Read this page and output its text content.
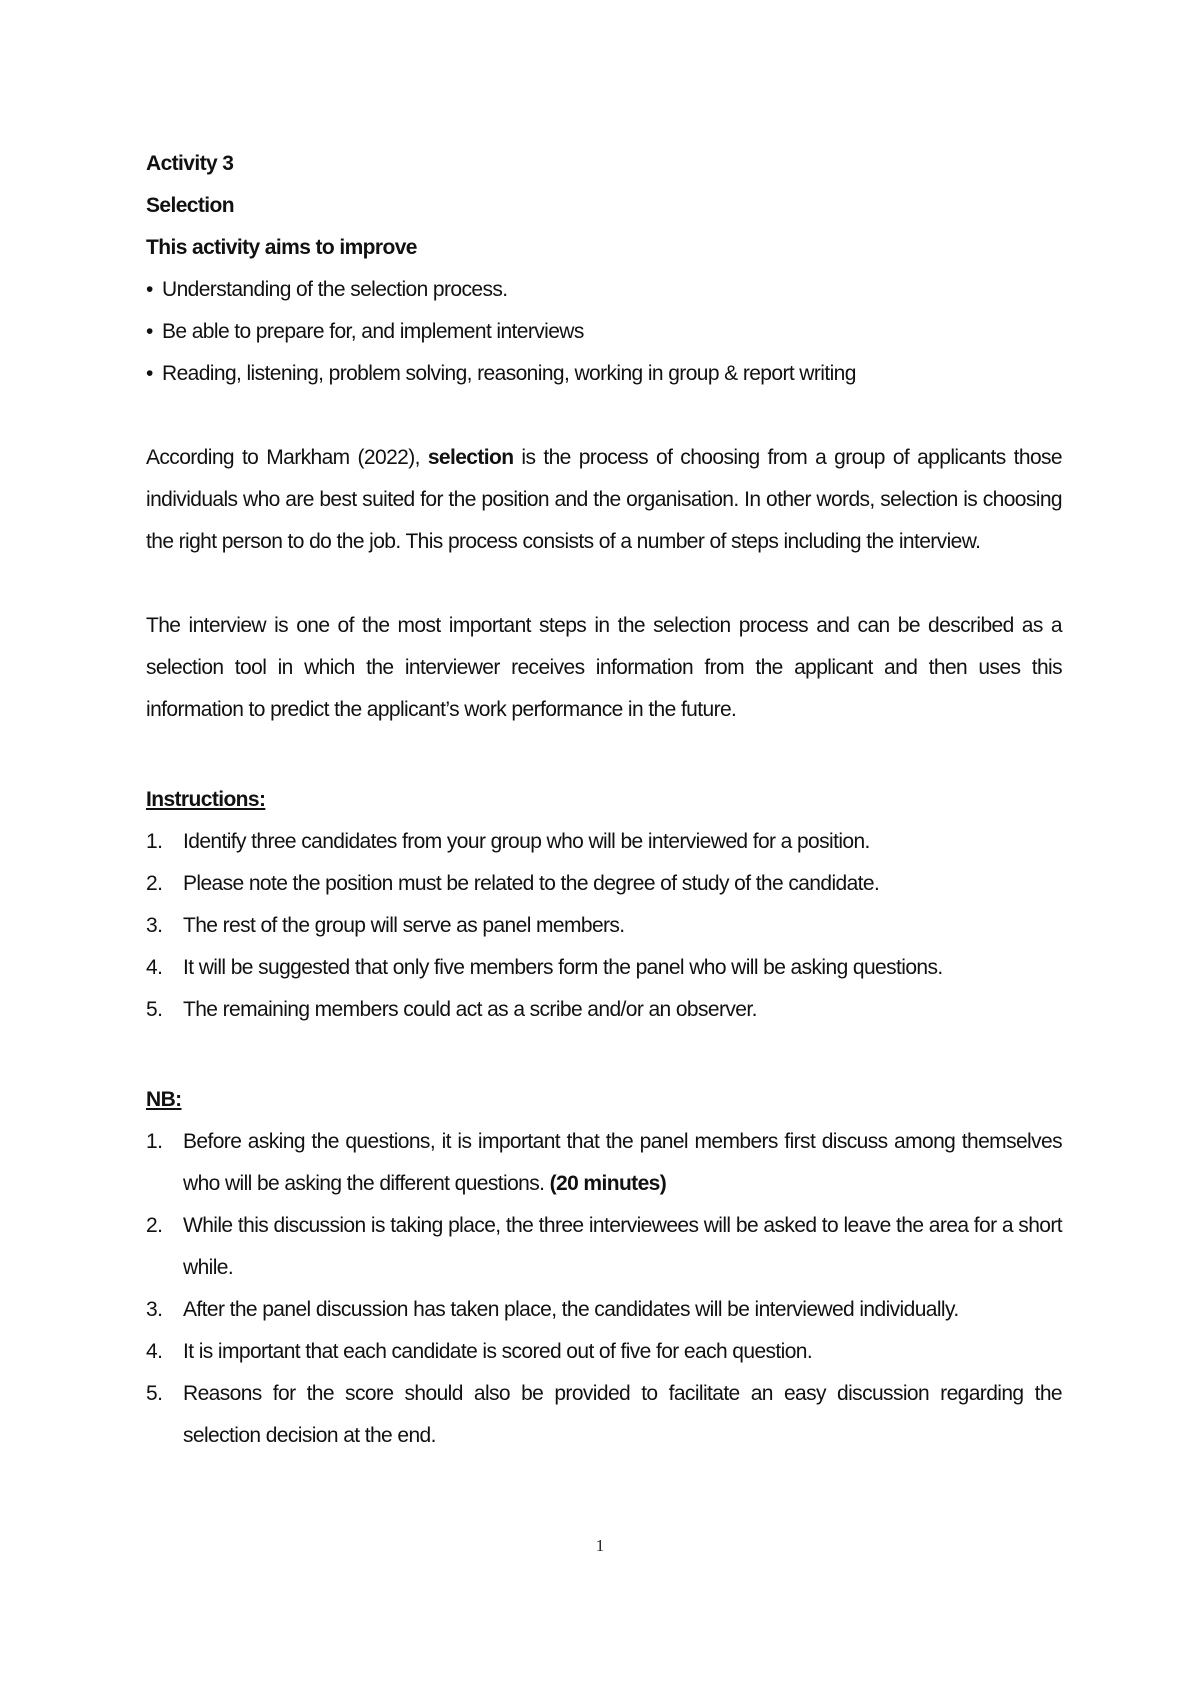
Activity 3
Selection
This activity aims to improve
• Understanding of the selection process.
• Be able to prepare for, and implement interviews
• Reading, listening, problem solving, reasoning, working in group & report writing

According to Markham (2022), selection is the process of choosing from a group of applicants those individuals who are best suited for the position and the organisation. In other words, selection is choosing the right person to do the job. This process consists of a number of steps including the interview.

The interview is one of the most important steps in the selection process and can be described as a selection tool in which the interviewer receives information from the applicant and then uses this information to predict the applicant’s work performance in the future.

Instructions:
1. Identify three candidates from your group who will be interviewed for a position.
2. Please note the position must be related to the degree of study of the candidate.
3. The rest of the group will serve as panel members.
4. It will be suggested that only five members form the panel who will be asking questions.
5. The remaining members could act as a scribe and/or an observer.
NB:
1. Before asking the questions, it is important that the panel members first discuss among themselves who will be asking the different questions. (20 minutes)
2. While this discussion is taking place, the three interviewees will be asked to leave the area for a short while.
3. After the panel discussion has taken place, the candidates will be interviewed individually.
4. It is important that each candidate is scored out of five for each question.
5. Reasons for the score should also be provided to facilitate an easy discussion regarding the selection decision at the end.
1
